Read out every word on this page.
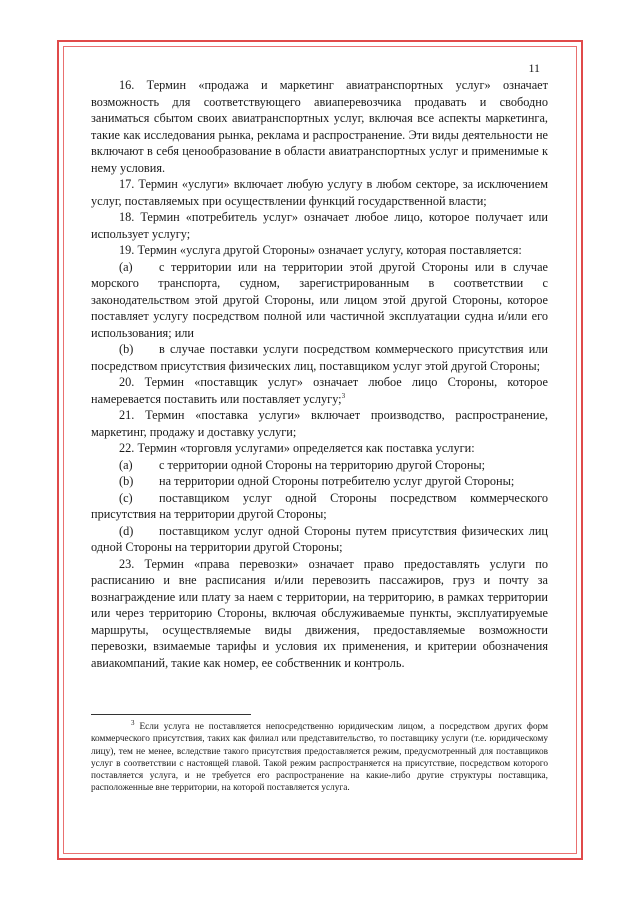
11

16. Термин «продажа и маркетинг авиатранспортных услуг» означает возможность для соответствующего авиаперевозчика продавать и свободно заниматься сбытом своих авиатранспортных услуг, включая все аспекты маркетинга, такие как исследования рынка, реклама и распространение. Эти виды деятельности не включают в себя ценообразование в области авиатранспортных услуг и применимые к нему условия.

17. Термин «услуги» включает любую услугу в любом секторе, за исключением услуг, поставляемых при осуществлении функций государственной власти;

18. Термин «потребитель услуг» означает любое лицо, которое получает или использует услугу;

19. Термин «услуга другой Стороны» означает услугу, которая поставляется:

(a) с территории или на территории этой другой Стороны или в случае морского транспорта, судном, зарегистрированным в соответствии с законодательством этой другой Стороны, или лицом этой другой Стороны, которое поставляет услугу посредством полной или частичной эксплуатации судна и/или его использования; или

(b) в случае поставки услуги посредством коммерческого присутствия или посредством присутствия физических лиц, поставщиком услуг этой другой Стороны;

20. Термин «поставщик услуг» означает любое лицо Стороны, которое намеревается поставить или поставляет услугу;$^3$

21. Термин «поставка услуги» включает производство, распространение, маркетинг, продажу и доставку услуги;

22. Термин «торговля услугами» определяется как поставка услуги:

(a) с территории одной Стороны на территорию другой Стороны;

(b) на территории одной Стороны потребителю услуг другой Стороны;

(c) поставщиком услуг одной Стороны посредством коммерческого присутствия на территории другой Стороны;

(d) поставщиком услуг одной Стороны путем присутствия физических лиц одной Стороны на территории другой Стороны;

23. Термин «права перевозки» означает право предоставлять услуги по расписанию и вне расписания и/или перевозить пассажиров, груз и почту за вознаграждение или плату за наем с территории, на территорию, в рамках территории или через территорию Стороны, включая обслуживаемые пункты, эксплуатируемые маршруты, осуществляемые виды движения, предоставляемые возможности перевозки, взимаемые тарифы и условия их применения, и критерии обозначения авиакомпаний, такие как номер, ее собственник и контроль.

$^3$ Если услуга не поставляется непосредственно юридическим лицом, а посредством других форм коммерческого присутствия, таких как филиал или представительство, то поставщику услуги (т.е. юридическому лицу), тем не менее, вследствие такого присутствия предоставляется режим, предусмотренный для поставщиков услуг в соответствии с настоящей главой. Такой режим распространяется на присутствие, посредством которого поставляется услуга, и не требуется его распространение на какие-либо другие структуры поставщика, расположенные вне территории, на которой поставляется услуга.
